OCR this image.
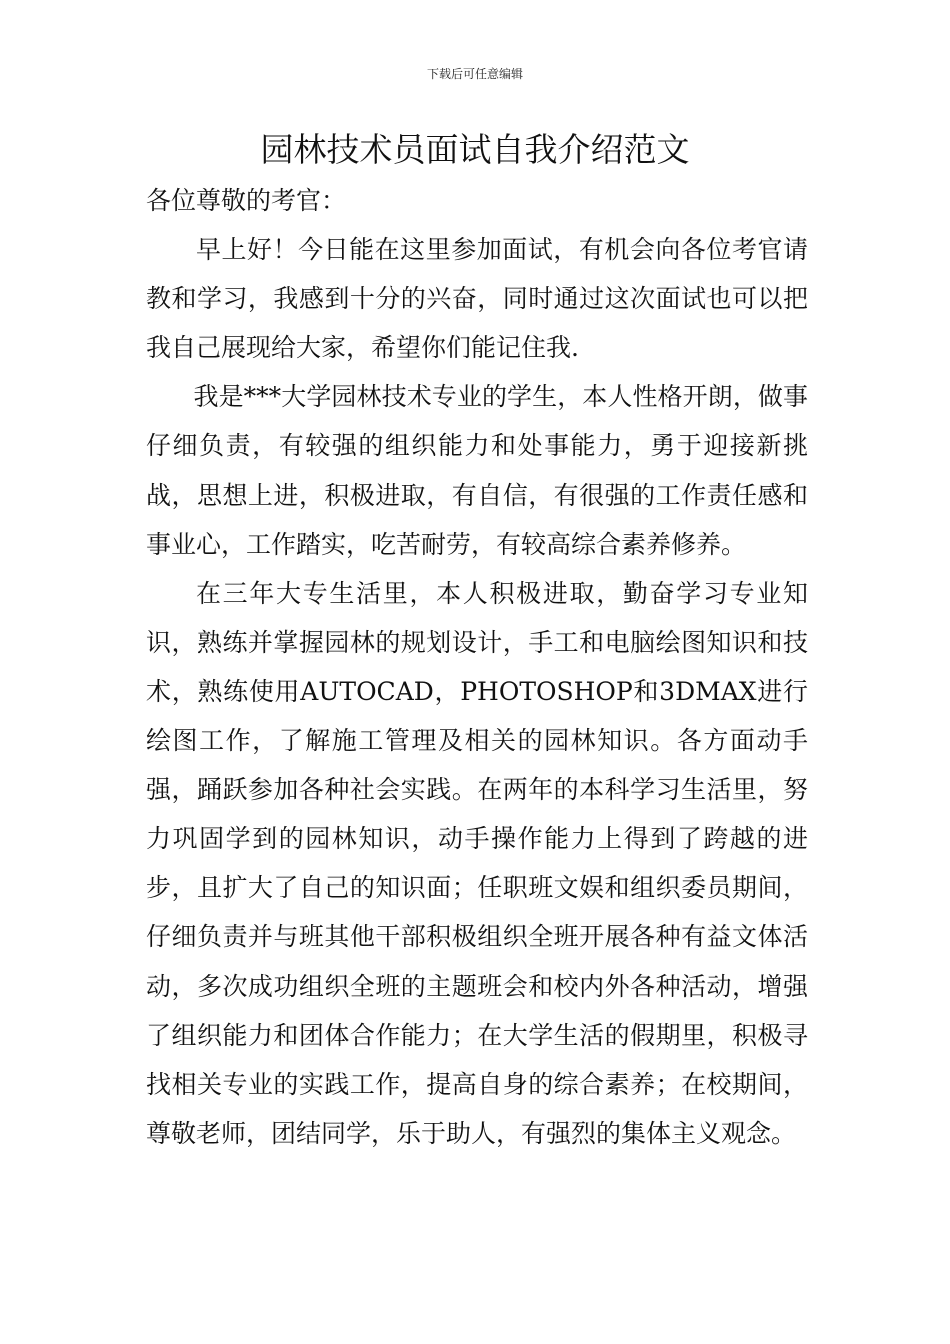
下载后可任意编辑
园林技术员面试自我介绍范文

各位尊敬的考官：

早上好！今日能在这里参加面试，有机会向各位考官请教和学习，我感到十分的兴奋，同时通过这次面试也可以把我自己展现给大家，希望你们能记住我.

我是***大学园林技术专业的学生，本人性格开朗，做事仔细负责，有较强的组织能力和处事能力，勇于迎接新挑战，思想上进，积极进取，有自信，有很强的工作责任感和事业心，工作踏实，吃苦耐劳，有较高综合素养修养。

在三年大专生活里，本人积极进取，勤奋学习专业知识，熟练并掌握园林的规划设计，手工和电脑绘图知识和技术，熟练使用AUTOCAD，PHOTOSHOP和3DMAX进行绘图工作，了解施工管理及相关的园林知识。各方面动手强，踊跃参加各种社会实践。在两年的本科学习生活里，努力巩固学到的园林知识，动手操作能力上得到了跨越的进步，且扩大了自己的知识面；任职班文娱和组织委员期间，仔细负责并与班其他干部积极组织全班开展各种有益文体活动，多次成功组织全班的主题班会和校内外各种活动，增强了组织能力和团体合作能力；在大学生活的假期里，积极寻找相关专业的实践工作，提高自身的综合素养；在校期间，尊敬老师，团结同学，乐于助人，有强烈的集体主义观念。
